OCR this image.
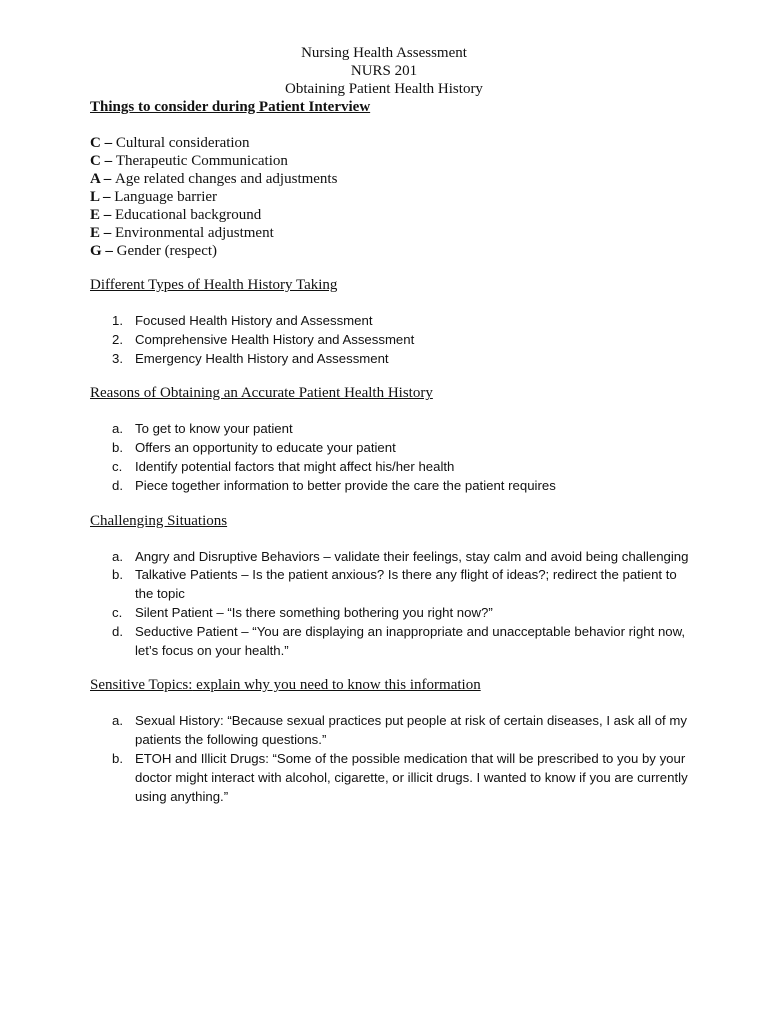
Nursing Health Assessment
NURS 201
Obtaining Patient Health History
Things to consider during Patient Interview
C – Cultural consideration
C – Therapeutic Communication
A – Age related changes and adjustments
L – Language barrier
E – Educational background
E – Environmental adjustment
G – Gender (respect)
Different Types of Health History Taking
1. Focused Health History and Assessment
2. Comprehensive Health History and Assessment
3. Emergency Health History and Assessment
Reasons of Obtaining an Accurate Patient Health History
a. To get to know your patient
b. Offers an opportunity to educate your patient
c. Identify potential factors that might affect his/her health
d. Piece together information to better provide the care the patient requires
Challenging Situations
a. Angry and Disruptive Behaviors – validate their feelings, stay calm and avoid being challenging
b. Talkative Patients – Is the patient anxious? Is there any flight of ideas?; redirect the patient to the topic
c. Silent Patient – “Is there something bothering you right now?”
d. Seductive Patient – “You are displaying an inappropriate and unacceptable behavior right now, let’s focus on your health.”
Sensitive Topics: explain why you need to know this information
a. Sexual History: “Because sexual practices put people at risk of certain diseases, I ask all of my patients the following questions.”
b. ETOH and Illicit Drugs: “Some of the possible medication that will be prescribed to you by your doctor might interact with alcohol, cigarette, or illicit drugs. I wanted to know if you are currently using anything.”
